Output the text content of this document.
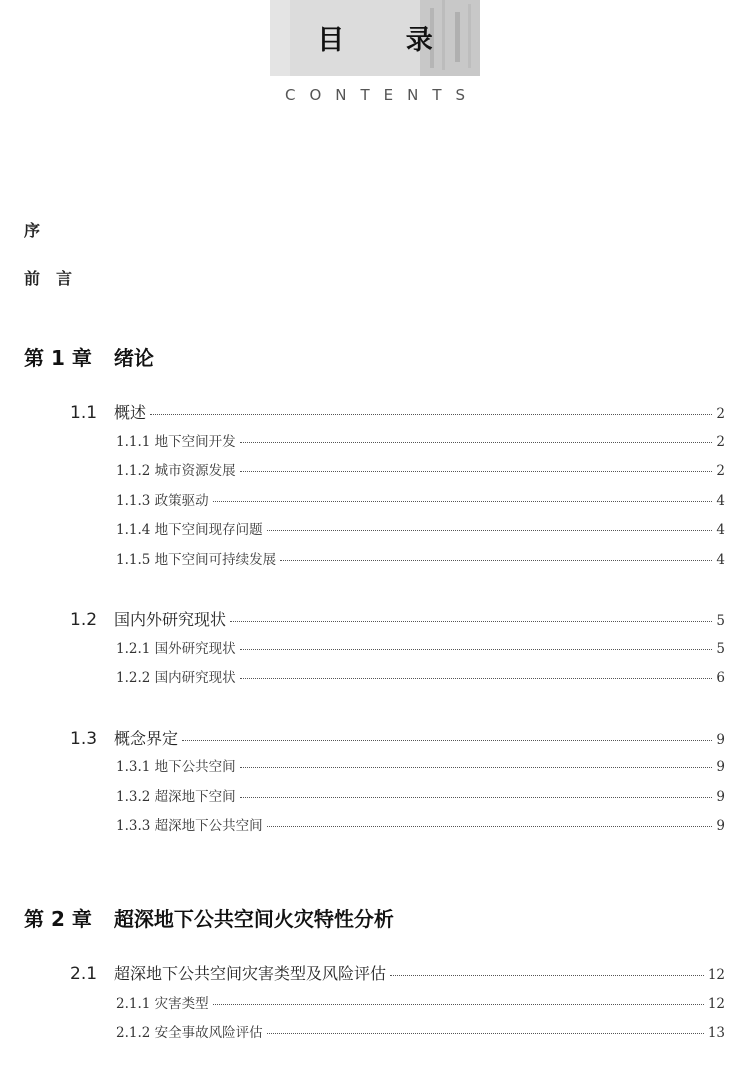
目 录
CONTENTS
序
前　言
第 1 章 绪论
1.1	概述	2
1.1.1 地下空间开发	2
1.1.2 城市资源发展	2
1.1.3 政策驱动	4
1.1.4 地下空间现存问题	4
1.1.5 地下空间可持续发展	4
1.2	国内外研究现状	5
1.2.1 国外研究现状	5
1.2.2 国内研究现状	6
1.3	概念界定	9
1.3.1 地下公共空间	9
1.3.2 超深地下空间	9
1.3.3 超深地下公共空间	9
第 2 章 超深地下公共空间火灾特性分析
2.1	超深地下公共空间灾害类型及风险评估	12
2.1.1 灾害类型	12
2.1.2 安全事故风险评估	13
